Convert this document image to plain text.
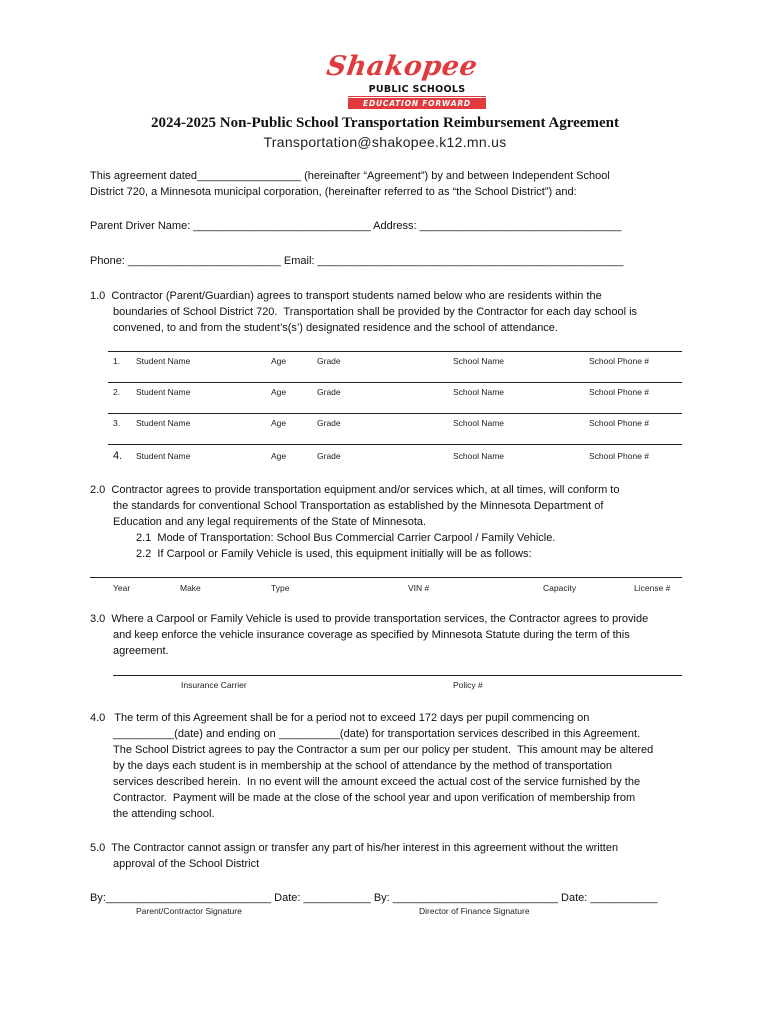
Shakopee
PUBLIC SCHOOLS
EDUCATION FORWARD
2024-2025 Non-Public School Transportation Reimbursement Agreement
Transportation@shakopee.k12.mn.us
This agreement dated_________________ (hereinafter “Agreement”) by and between Independent School
District 720, a Minnesota municipal corporation, (hereinafter referred to as “the School District”) and:
Parent Driver Name: _____________________________ Address: _________________________________
Phone: _________________________ Email: __________________________________________________
1.0  Contractor (Parent/Guardian) agrees to transport students named below who are residents within the
boundaries of School District 720.  Transportation shall be provided by the Contractor for each day school is
convened, to and from the student’s(s’) designated residence and the school of attendance.
1. Student Name	Age	Grade	School Name	School Phone #
2. Student Name	Age	Grade	School Name	School Phone #
3. Student Name	Age	Grade	School Name	School Phone #
4. Student Name	Age	Grade	School Name	School Phone #
2.0  Contractor agrees to provide transportation equipment and/or services which, at all times, will conform to
the standards for conventional School Transportation as established by the Minnesota Department of
Education and any legal requirements of the State of Minnesota.
2.1  Mode of Transportation: School Bus Commercial Carrier Carpool / Family Vehicle.
2.2  If Carpool or Family Vehicle is used, this equipment initially will be as follows:
Year	Make	Type	VIN #	Capacity	License #
3.0  Where a Carpool or Family Vehicle is used to provide transportation services, the Contractor agrees to provide
and keep enforce the vehicle insurance coverage as specified by Minnesota Statute during the term of this
agreement.
Insurance Carrier	Policy #
4.0   The term of this Agreement shall be for a period not to exceed 172 days per pupil commencing on
__________(date) and ending on __________(date) for transportation services described in this Agreement.
The School District agrees to pay the Contractor a sum per our policy per student.  This amount may be altered
by the days each student is in membership at the school of attendance by the method of transportation
services described herein.  In no event will the amount exceed the actual cost of the service furnished by the
Contractor.  Payment will be made at the close of the school year and upon verification of membership from
the attending school.
5.0  The Contractor cannot assign or transfer any part of his/her interest in this agreement without the written
approval of the School District
By:___________________________ Date: ___________ By: ___________________________ Date: ___________
Parent/Contractor Signature	Director of Finance Signature
